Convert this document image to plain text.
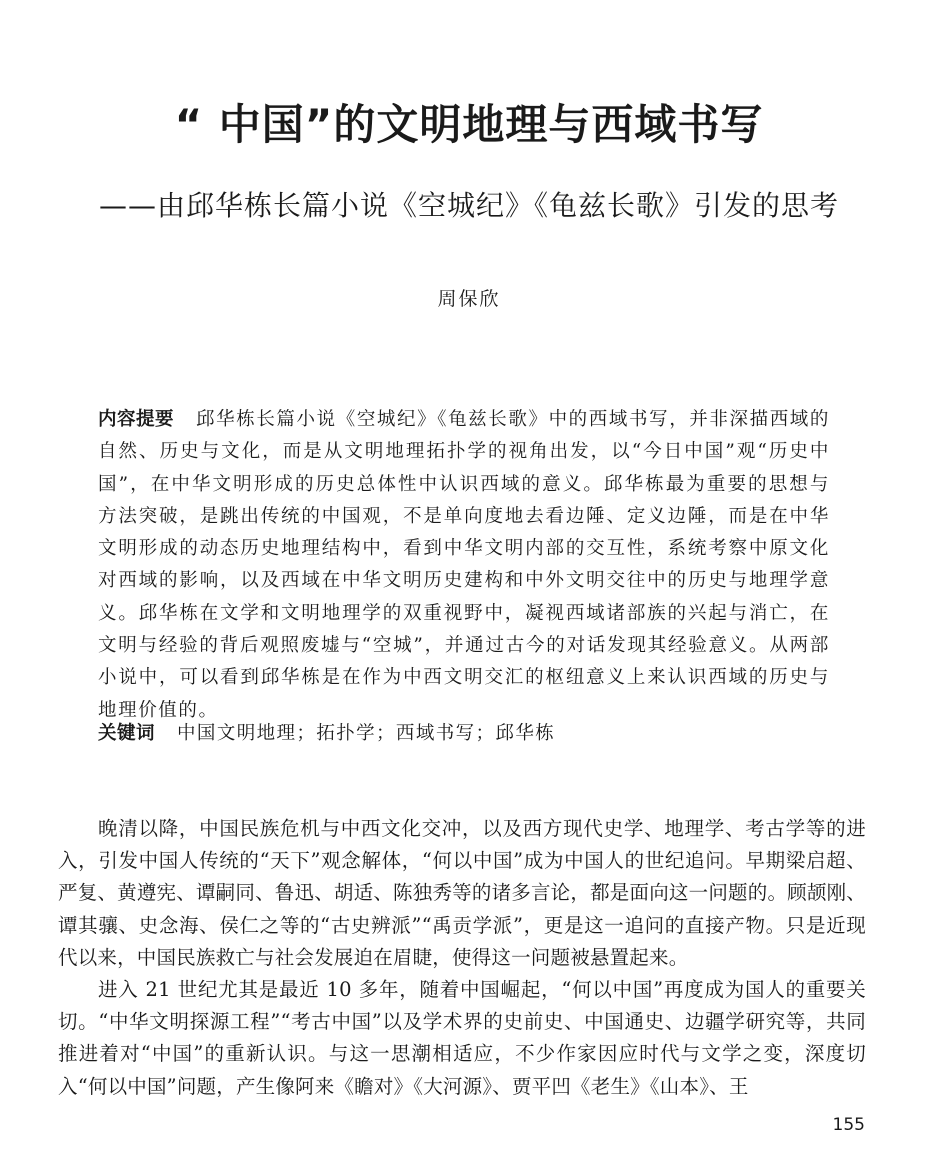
“ 中国”的文明地理与西域书写
——由邱华栋长篇小说《空城纪》《龟兹长歌》引发的思考
周保欣
内容提要 邱华栋长篇小说《空城纪》《龟兹长歌》中的西域书写，并非深描西域的自然、历史与文化，而是从文明地理拓扑学的视角出发，以“今日中国”观“历史中国”，在中华文明形成的历史总体性中认识西域的意义。邱华栋最为重要的思想与方法突破，是跳出传统的中国观，不是单向度地去看边陲、定义边陲，而是在中华文明形成的动态历史地理结构中，看到中华文明内部的交互性，系统考察中原文化对西域的影响，以及西域在中华文明历史建构和中外文明交往中的历史与地理学意义。邱华栋在文学和文明地理学的双重视野中，凝视西域诸部族的兴起与消亡，在文明与经验的背后观照废墟与“空城”，并通过古今的对话发现其经验意义。从两部小说中，可以看到邱华栋是在作为中西文明交汇的枢纽意义上来认识西域的历史与地理价值的。
关键词 中国文明地理；拓扑学；西域书写；邱华栋

晚清以降，中国民族危机与中西文化交冲，以及西方现代史学、地理学、考古学等的进入，引发中国人传统的“天下”观念解体，“何以中国”成为中国人的世纪追问。早期梁启超、严复、黄遵宪、谭嗣同、鲁迅、胡适、陈独秀等的诸多言论，都是面向这一问题的。顾颉刚、谭其骧、史念海、侯仁之等的“古史辨派”“禹贡学派”，更是这一追问的直接产物。只是近现代以来，中国民族救亡与社会发展迫在眉睫，使得这一问题被悬置起来。

进入 21 世纪尤其是最近 10 多年，随着中国崛起，“何以中国”再度成为国人的重要关切。“中华文明探源工程”“考古中国”以及学术界的史前史、中国通史、边疆学研究等，共同推进着对“中国”的重新认识。与这一思潮相适应，不少作家因应时代与文学之变，深度切入“何以中国”问题，产生像阿来《瞻对》《大河源》、贾平凹《老生》《山本》、王

155
